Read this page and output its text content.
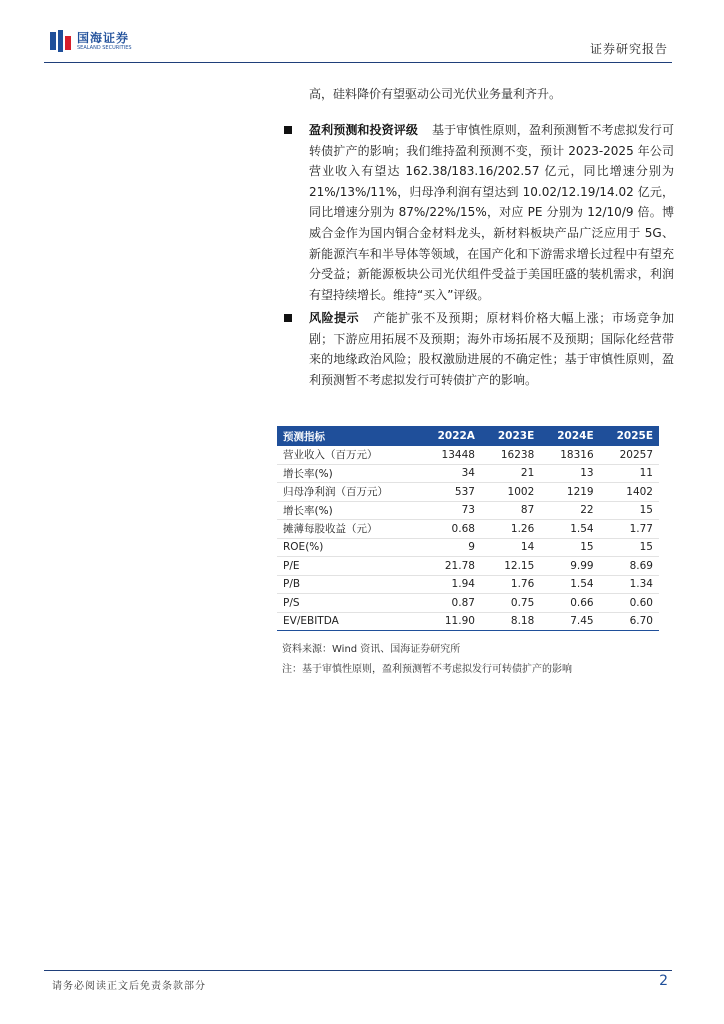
国海证券
SEALAND SECURITIES	证券研究报告
高，硅料降价有望驱动公司光伏业务量利齐升。
盈利预测和投资评级 基于审慎性原则，盈利预测暂不考虑拟发行可转债扩产的影响；我们维持盈利预测不变，预计 2023-2025 年公司营业收入有望达 162.38/183.16/202.57 亿元，同比增速分别为 21%/13%/11%，归母净利润有望达到 10.02/12.19/14.02 亿元，同比增速分别为 87%/22%/15%，对应 PE 分别为 12/10/9 倍。博威合金作为国内铜合金材料龙头，新材料板块产品广泛应用于 5G、新能源汽车和半导体等领域，在国产化和下游需求增长过程中有望充分受益；新能源板块公司光伏组件受益于美国旺盛的装机需求，利润有望持续增长。维持“买入”评级。
风险提示 产能扩张不及预期；原材料价格大幅上涨；市场竞争加剧；下游应用拓展不及预期；海外市场拓展不及预期；国际化经营带来的地缘政治风险；股权激励进展的不确定性；基于审慎性原则，盈利预测暂不考虑拟发行可转债扩产的影响。
预测指标	2022A	2023E	2024E	2025E
营业收入（百万元）	13448	16238	18316	20257
增长率(%)	34	21	13	11
归母净利润（百万元）	537	1002	1219	1402
增长率(%)	73	87	22	15
摊薄每股收益（元）	0.68	1.26	1.54	1.77
ROE(%)	9	14	15	15
P/E	21.78	12.15	9.99	8.69
P/B	1.94	1.76	1.54	1.34
P/S	0.87	0.75	0.66	0.60
EV/EBITDA	11.90	8.18	7.45	6.70
资料来源：Wind 资讯、国海证券研究所
注：基于审慎性原则，盈利预测暂不考虑拟发行可转债扩产的影响
请务必阅读正文后免责条款部分	2
